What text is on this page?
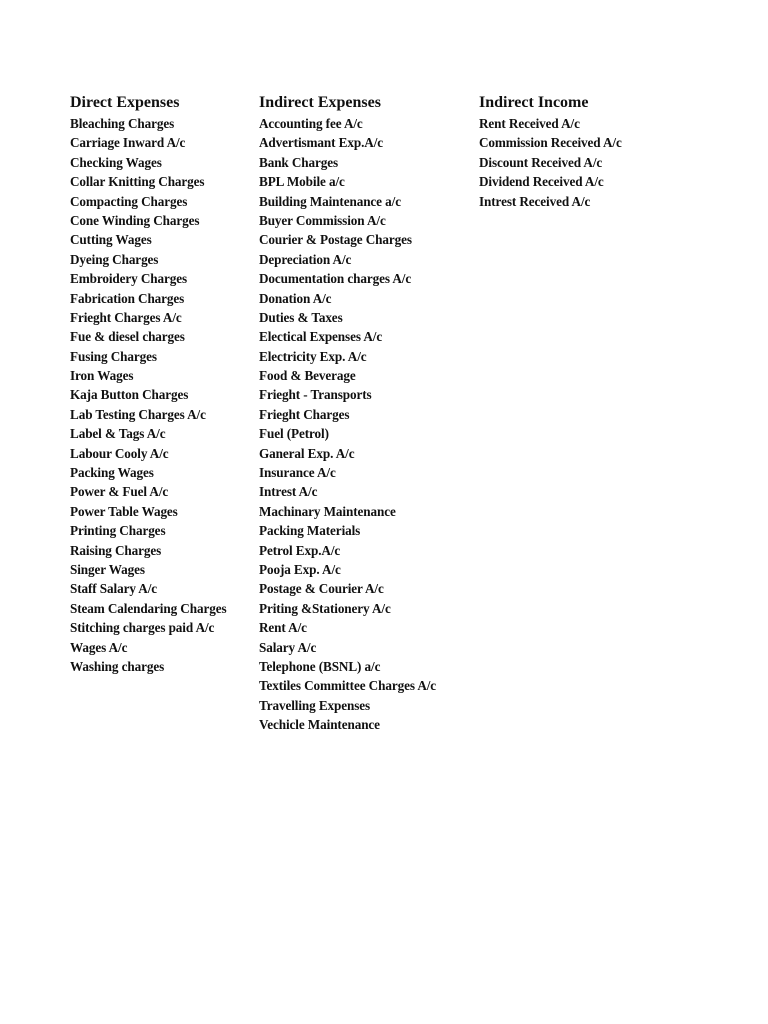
Direct Expenses
Bleaching Charges
Carriage Inward A/c
Checking Wages
Collar Knitting Charges
Compacting Charges
Cone Winding Charges
Cutting Wages
Dyeing Charges
Embroidery Charges
Fabrication Charges
Frieght Charges A/c
Fue & diesel charges
Fusing Charges
Iron Wages
Kaja Button Charges
Lab Testing Charges A/c
Label & Tags A/c
Labour Cooly A/c
Packing Wages
Power & Fuel A/c
Power Table Wages
Printing Charges
Raising Charges
Singer Wages
Staff Salary A/c
Steam Calendaring Charges
Stitching charges paid A/c
Wages A/c
Washing charges
Indirect Expenses
Accounting fee A/c
Advertismant Exp.A/c
Bank Charges
BPL Mobile a/c
Building Maintenance a/c
Buyer Commission A/c
Courier & Postage Charges
Depreciation A/c
Documentation charges A/c
Donation A/c
Duties & Taxes
Electical Expenses A/c
Electricity Exp. A/c
Food & Beverage
Frieght - Transports
Frieght Charges
Fuel (Petrol)
Ganeral Exp. A/c
Insurance A/c
Intrest A/c
Machinary Maintenance
Packing Materials
Petrol Exp.A/c
Pooja Exp. A/c
Postage & Courier A/c
Priting &Stationery A/c
Rent A/c
Salary A/c
Telephone (BSNL) a/c
Textiles Committee Charges A/c
Travelling Expenses
Vechicle Maintenance
Indirect Income
Rent Received A/c
Commission Received A/c
Discount Received A/c
Dividend Received A/c
Intrest Received A/c
